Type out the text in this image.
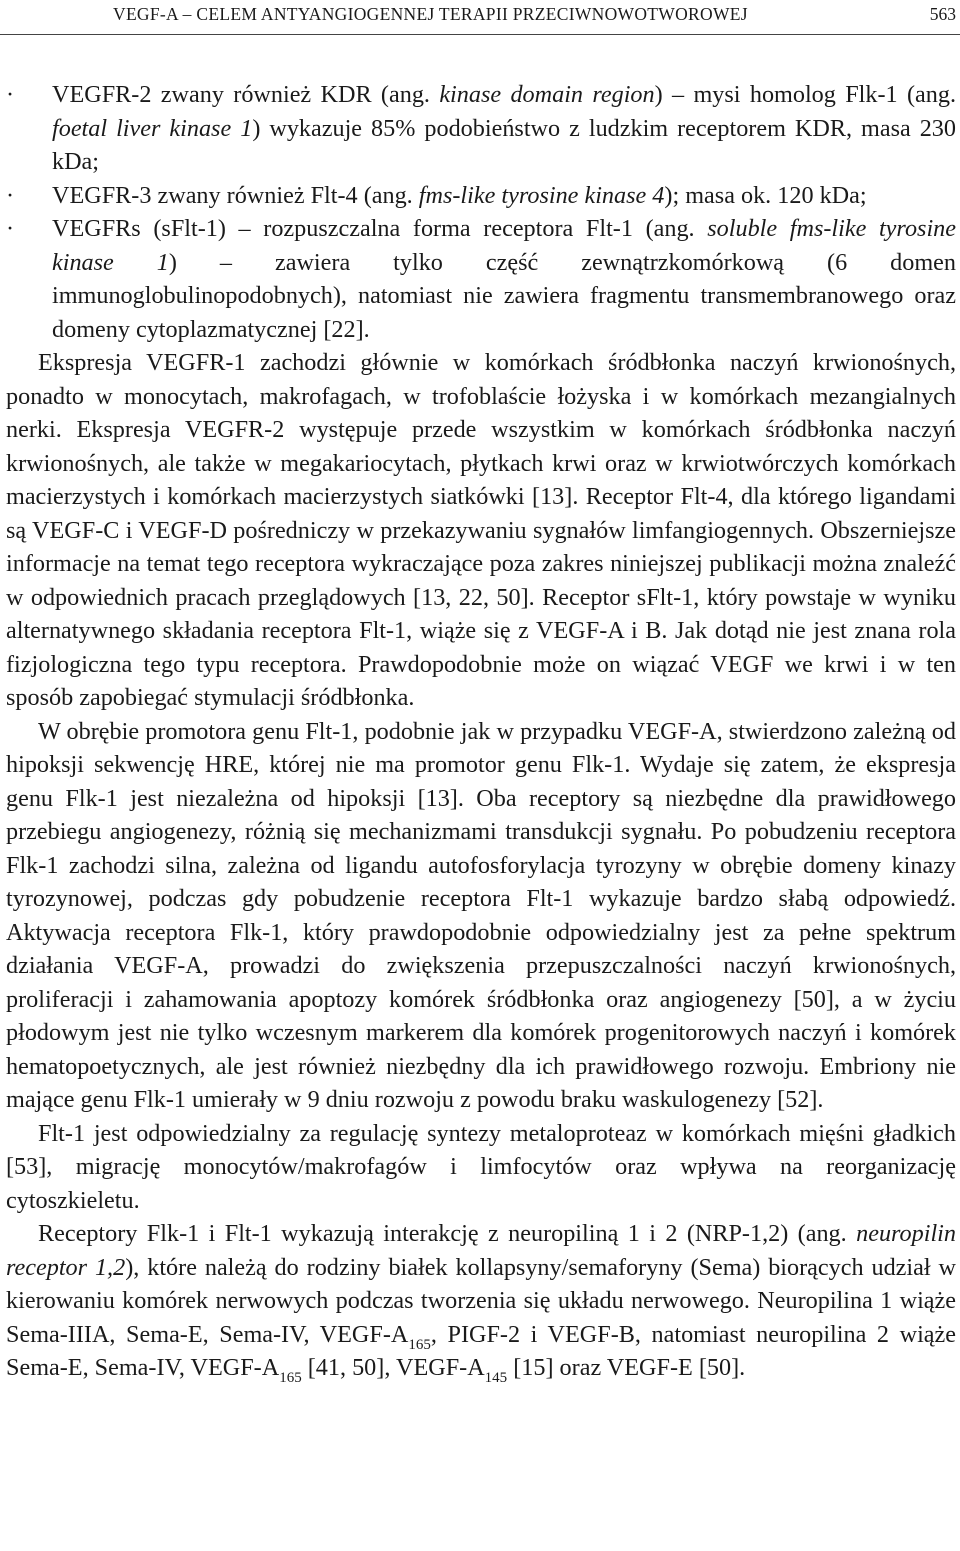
VEGF-A – CELEM ANTYANGIOGENNEJ TERAPII PRZECIWNOWOTWOROWEJ	563
· VEGFR-2 zwany również KDR (ang. kinase domain region) – mysi homolog Flk-1 (ang. foetal liver kinase 1) wykazuje 85% podobieństwo z ludzkim receptorem KDR, masa 230 kDa;
· VEGFR-3 zwany również Flt-4 (ang. fms-like tyrosine kinase 4); masa ok. 120 kDa;
· VEGFRs (sFlt-1) – rozpuszczalna forma receptora Flt-1 (ang. soluble fms-like tyrosine kinase 1) – zawiera tylko część zewnątrzkomórkową (6 domen immunoglobulinopodobnych), natomiast nie zawiera fragmentu transmembranowego oraz domeny cytoplazmatycznej [22].

Ekspresja VEGFR-1 zachodzi głównie w komórkach śródbłonka naczyń krwionośnych, ponadto w monocytach, makrofagach, w trofoblaście łożyska i w komórkach mezangialnych nerki. Ekspresja VEGFR-2 występuje przede wszystkim w komórkach śródbłonka naczyń krwionośnych, ale także w megakariocytach, płytkach krwi oraz w krwiotwórczych komórkach macierzystych i komórkach macierzystych siatkówki [13]. Receptor Flt-4, dla którego ligandami są VEGF-C i VEGF-D pośredniczy w przekazywaniu sygnałów limfangiogennych. Obszerniejsze informacje na temat tego receptora wykraczające poza zakres niniejszej publikacji można znaleźć w odpowiednich pracach przeglądowych [13, 22, 50]. Receptor sFlt-1, który powstaje w wyniku alternatywnego składania receptora Flt-1, wiąże się z VEGF-A i B. Jak dotąd nie jest znana rola fizjologiczna tego typu receptora. Prawdopodobnie może on wiązać VEGF we krwi i w ten sposób zapobiegać stymulacji śródbłonka.

W obrębie promotora genu Flt-1, podobnie jak w przypadku VEGF-A, stwierdzono zależną od hipoksji sekwencję HRE, której nie ma promotor genu Flk-1. Wydaje się zatem, że ekspresja genu Flk-1 jest niezależna od hipoksji [13]. Oba receptory są niezbędne dla prawidłowego przebiegu angiogenezy, różnią się mechanizmami transdukcji sygnału. Po pobudzeniu receptora Flk-1 zachodzi silna, zależna od ligandu autofosforylacja tyrozyny w obrębie domeny kinazy tyrozynowej, podczas gdy pobudzenie receptora Flt-1 wykazuje bardzo słabą odpowiedź. Aktywacja receptora Flk-1, który prawdopodobnie odpowiedzialny jest za pełne spektrum działania VEGF-A, prowadzi do zwiększenia przepuszczalności naczyń krwionośnych, proliferacji i zahamowania apoptozy komórek śródbłonka oraz angiogenezy [50], a w życiu płodowym jest nie tylko wczesnym markerem dla komórek progenitorowych naczyń i komórek hematopoetycznych, ale jest również niezbędny dla ich prawidłowego rozwoju. Embriony nie mające genu Flk-1 umierały w 9 dniu rozwoju z powodu braku waskulogenezy [52].

Flt-1 jest odpowiedzialny za regulację syntezy metaloproteaz w komórkach mięśni gładkich [53], migrację monocytów/makrofagów i limfocytów oraz wpływa na reorganizację cytoszkieletu.

Receptory Flk-1 i Flt-1 wykazują interakcję z neuropiliną 1 i 2 (NRP-1,2) (ang. neuropilin receptor 1,2), które należą do rodziny białek kollapsyny/semaforyny (Sema) biorących udział w kierowaniu komórek nerwowych podczas tworzenia się układu nerwowego. Neuropilina 1 wiąże Sema-IIIA, Sema-E, Sema-IV, VEGF-$A_{165}$, PIGF-2 i VEGF-B, natomiast neuropilina 2 wiąże Sema-E, Sema-IV, VEGF-$A_{165}$ [41, 50], VEGF-$A_{145}$ [15] oraz VEGF-E [50].
